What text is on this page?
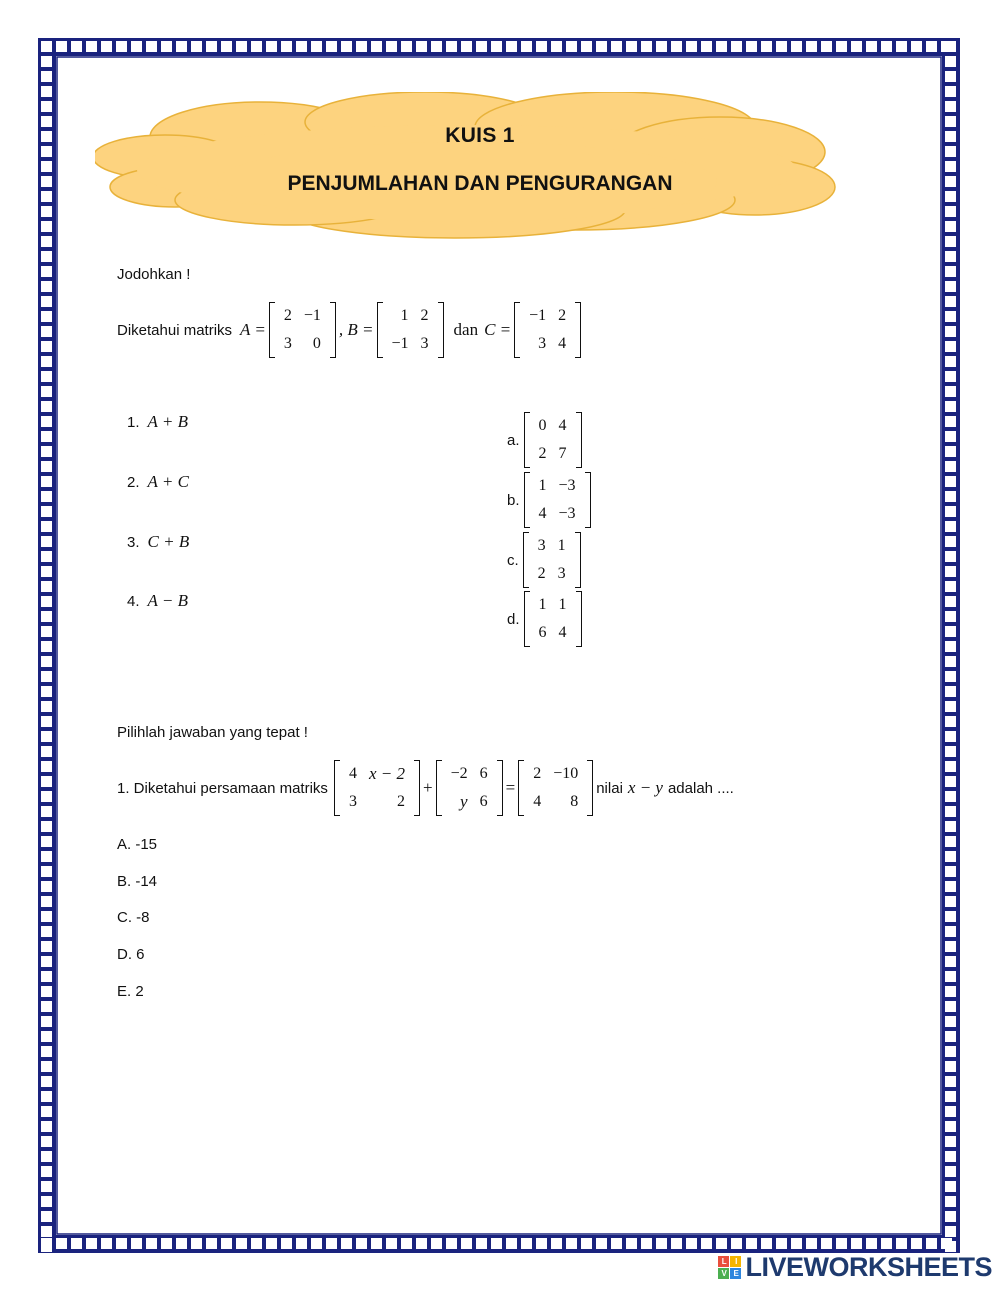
KUIS 1
PENJUMLAHAN DAN PENGURANGAN
Jodohkan !
Diketahui matriks A =
2	−1
3	0
, B =
1	2
−1	3
dan C =
−1	2
3	4
1. A + B
2. A + C
3. C + B
4. A − B
a.
0	4
2	7
b.
1	−3
4	−3
c.
3	1
2	3
d.
1	1
6	4
Pilihlah jawaban yang tepat !
1. Diketahui persamaan matriks
4	x − 2
3	2
+
−2	6
y	6
=
2	−10
4	8
nilai x − y adalah ....
A. -15
B. -14
C. -8
D. 6
E. 2
L	I
V E LIVEWORKSHEETS
